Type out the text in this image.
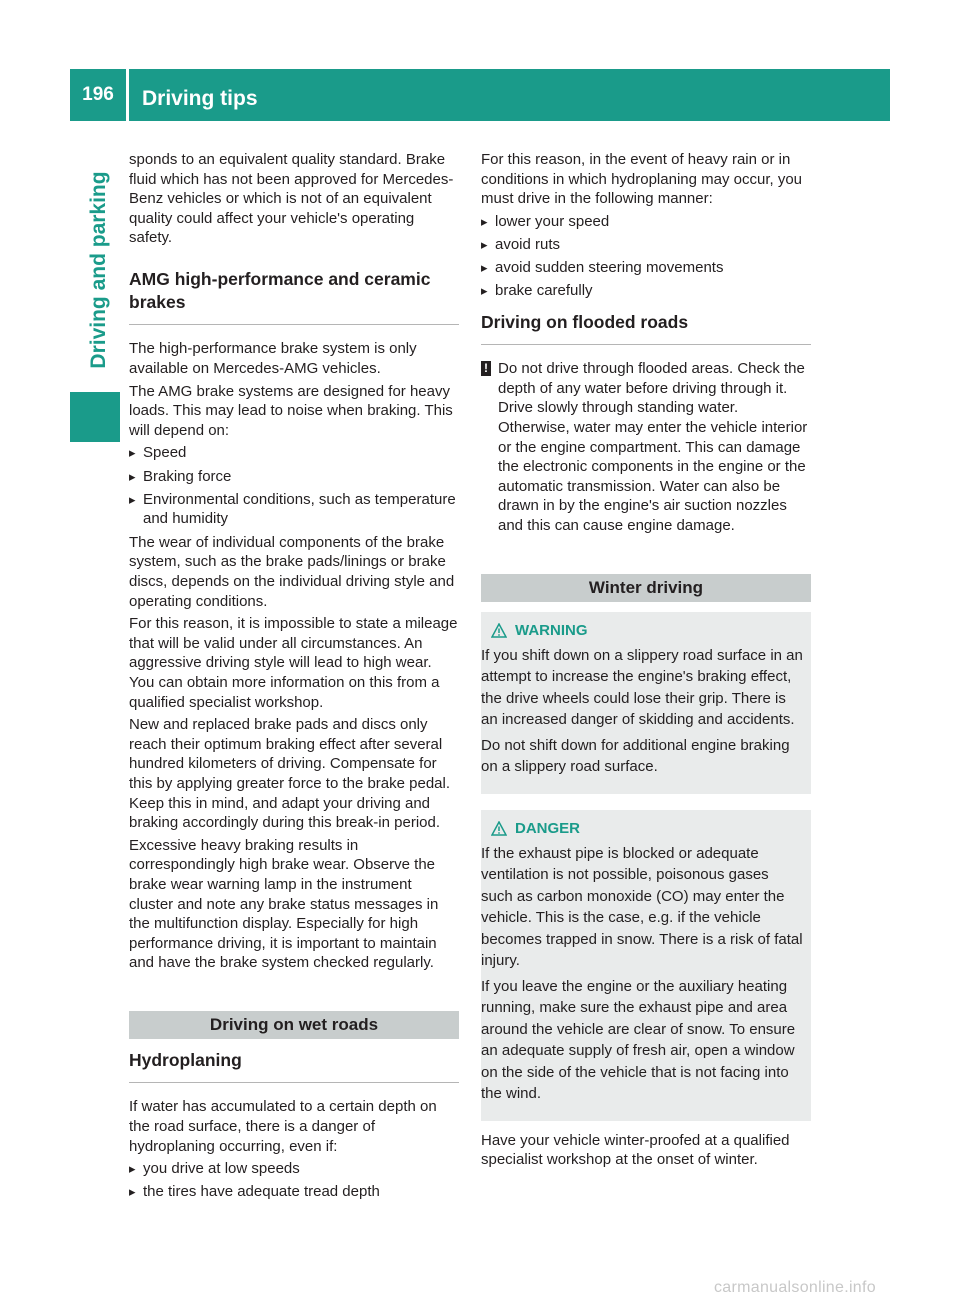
196	Driving tips
Driving and parking

sponds to an equivalent quality standard. Brake fluid which has not been approved for Mercedes-Benz vehicles or which is not of an equivalent quality could affect your vehicle's operating safety.

AMG high-performance and ceramic brakes

The high-performance brake system is only available on Mercedes-AMG vehicles.

The AMG brake systems are designed for heavy loads. This may lead to noise when braking. This will depend on:

▸ Speed
▸ Braking force
▸ Environmental conditions, such as temperature and humidity

The wear of individual components of the brake system, such as the brake pads/linings or brake discs, depends on the individual driving style and operating conditions.

For this reason, it is impossible to state a mileage that will be valid under all circumstances. An aggressive driving style will lead to high wear. You can obtain more information on this from a qualified specialist workshop.

New and replaced brake pads and discs only reach their optimum braking effect after several hundred kilometers of driving. Compensate for this by applying greater force to the brake pedal. Keep this in mind, and adapt your driving and braking accordingly during this break-in period.

Excessive heavy braking results in correspondingly high brake wear. Observe the brake wear warning lamp in the instrument cluster and note any brake status messages in the multifunction display. Especially for high performance driving, it is important to maintain and have the brake system checked regularly.

Driving on wet roads
Hydroplaning

If water has accumulated to a certain depth on the road surface, there is a danger of hydroplaning occurring, even if:

▸ you drive at low speeds
▸ the tires have adequate tread depth

For this reason, in the event of heavy rain or in conditions in which hydroplaning may occur, you must drive in the following manner:

▸ lower your speed
▸ avoid ruts
▸ avoid sudden steering movements
▸ brake carefully
Driving on flooded roads
! Do not drive through flooded areas. Check the depth of any water before driving through it. Drive slowly through standing water. Otherwise, water may enter the vehicle interior or the engine compartment. This can damage the electronic components in the engine or the automatic transmission. Water can also be drawn in by the engine's air suction nozzles and this can cause engine damage.

Winter driving
WARNING

If you shift down on a slippery road surface in an attempt to increase the engine's braking effect, the drive wheels could lose their grip. There is an increased danger of skidding and accidents.

Do not shift down for additional engine braking on a slippery road surface.

DANGER

If the exhaust pipe is blocked or adequate ventilation is not possible, poisonous gases such as carbon monoxide (CO) may enter the vehicle. This is the case, e.g. if the vehicle becomes trapped in snow. There is a risk of fatal injury.

If you leave the engine or the auxiliary heating running, make sure the exhaust pipe and area around the vehicle are clear of snow. To ensure an adequate supply of fresh air, open a window on the side of the vehicle that is not facing into the wind.

Have your vehicle winter-proofed at a qualified specialist workshop at the onset of winter.

carmanualsonline.info
